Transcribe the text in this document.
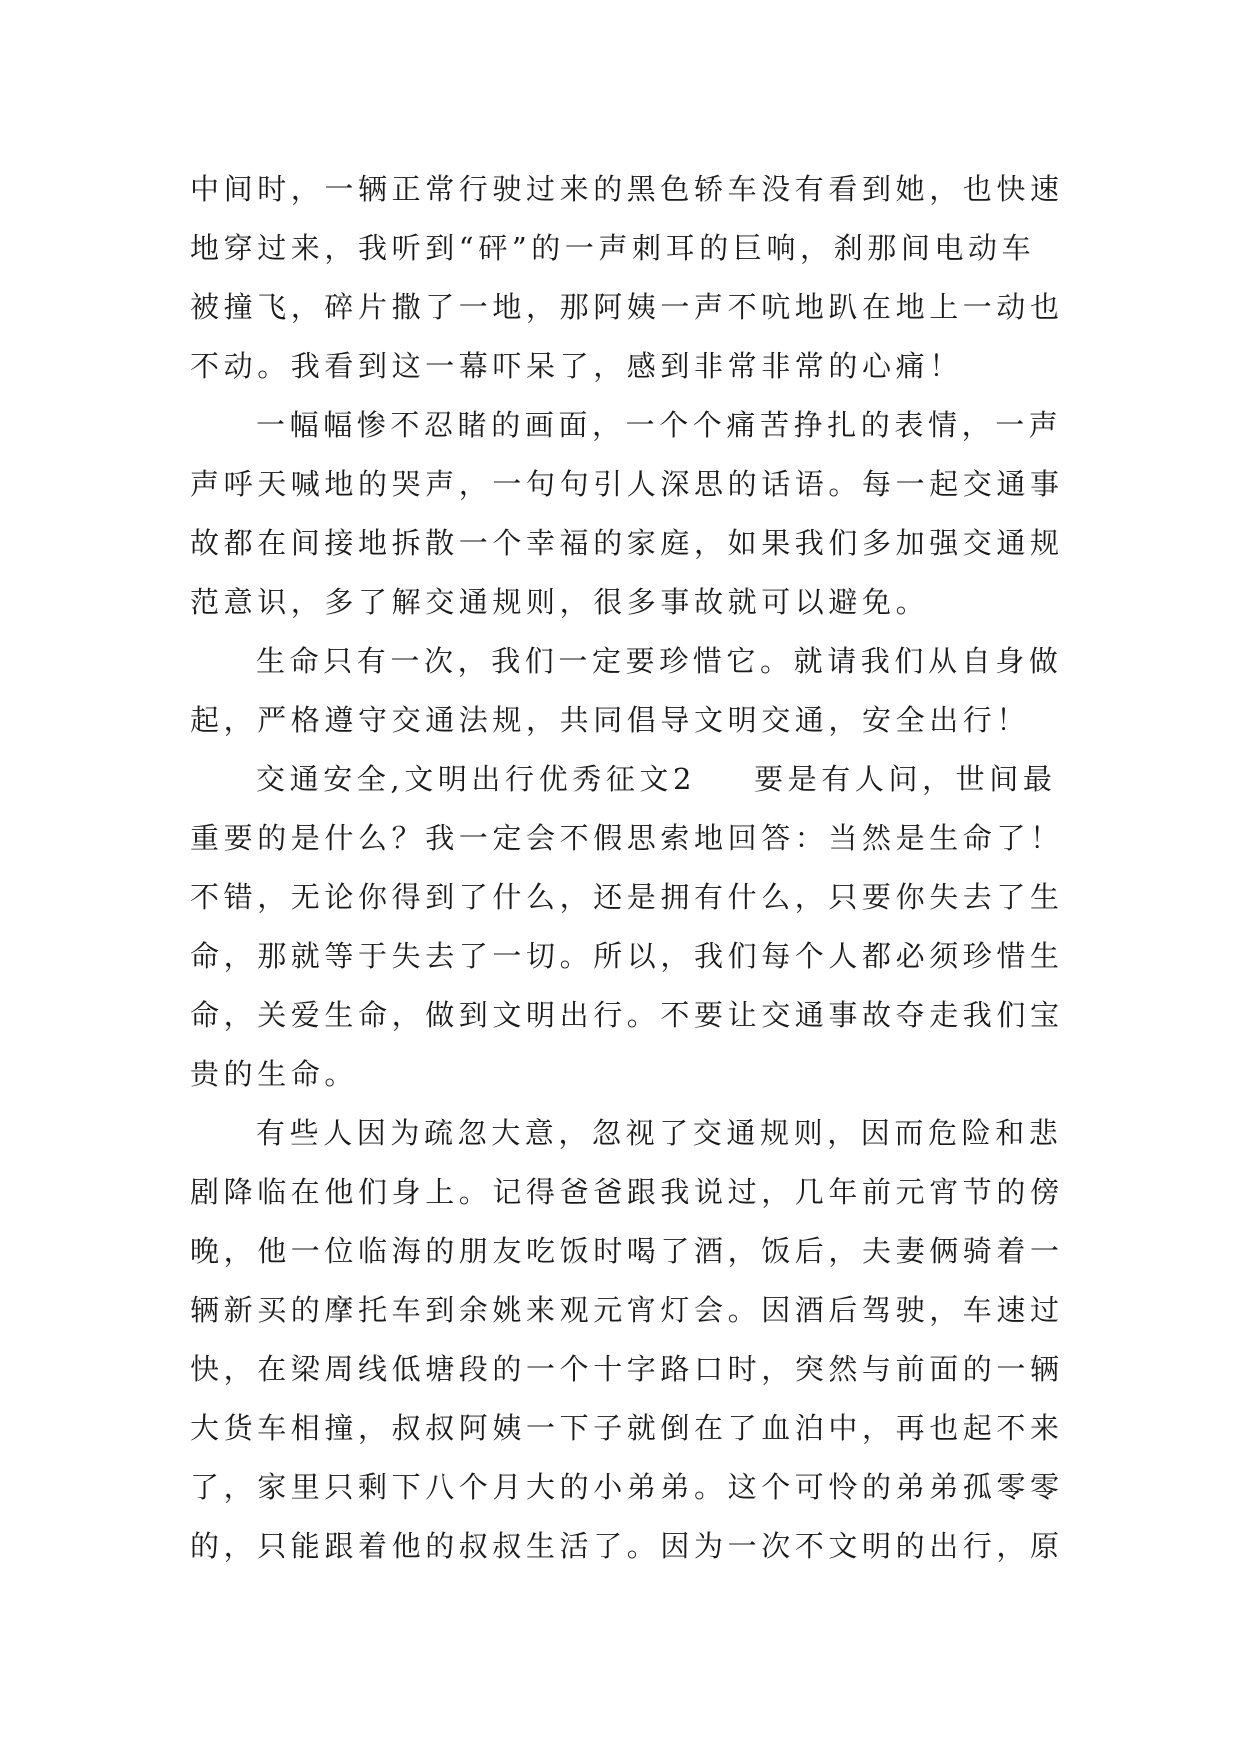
中间时，一辆正常行驶过来的黑色轿车没有看到她，也快速
地穿过来，我听到“砰”的一声刺耳的巨响，刹那间电动车
被撞飞，碎片撒了一地，那阿姨一声不吭地趴在地上一动也
不动。我看到这一幕吓呆了，感到非常非常的心痛！
一幅幅惨不忍睹的画面，一个个痛苦挣扎的表情，一声
声呼天喊地的哭声，一句句引人深思的话语。每一起交通事
故都在间接地拆散一个幸福的家庭，如果我们多加强交通规
范意识，多了解交通规则，很多事故就可以避免。
生命只有一次，我们一定要珍惜它。就请我们从自身做
起，严格遵守交通法规，共同倡导文明交通，安全出行！
交通安全,文明出行优秀征文2 要是有人问，世间最
重要的是什么？我一定会不假思索地回答：当然是生命了！
不错，无论你得到了什么，还是拥有什么，只要你失去了生
命，那就等于失去了一切。所以，我们每个人都必须珍惜生
命，关爱生命，做到文明出行。不要让交通事故夺走我们宝
贵的生命。
有些人因为疏忽大意，忽视了交通规则，因而危险和悲
剧降临在他们身上。记得爸爸跟我说过，几年前元宵节的傍
晚，他一位临海的朋友吃饭时喝了酒，饭后，夫妻俩骑着一
辆新买的摩托车到余姚来观元宵灯会。因酒后驾驶，车速过
快，在梁周线低塘段的一个十字路口时，突然与前面的一辆
大货车相撞，叔叔阿姨一下子就倒在了血泊中，再也起不来
了，家里只剩下八个月大的小弟弟。这个可怜的弟弟孤零零
的，只能跟着他的叔叔生活了。因为一次不文明的出行，原
